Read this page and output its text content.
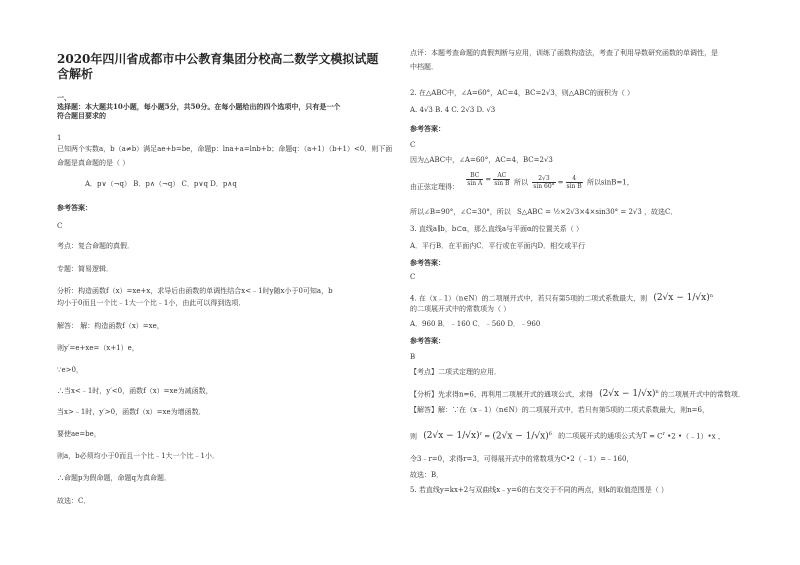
2020年四川省成都市中公教育集团分校高二数学文模拟试题
含解析
一、
选择题：本大题共10小题，每小题5分，共50分。在每小题给出的四个选项中，只有是一个
符合题目要求的
1
已知两个实数a，b（a≠b）满足ae+b=be，命题p：lna+a=lnb+b；命题q：（a+1）（b+1）<0．则下面
命题是真命题的是（ ）
A．p∨（¬q） B．p∧（¬q） C．p∨q D．p∧q
参考答案：
C
考点：复合命题的真假．
专题：简易逻辑．
分析：构造函数f（x）=xe+x，求导后由函数的单调性结合x<﹣1时y随x小于0可知a，b
均小于0而且一个比﹣1大一个比﹣1小，由此可以得到选项．
解答： 解：构造函数f（x）=xe，
则y′=e+xe=（x+1）e，
∵e>0，
∴当x<﹣1时，y′<0，函数f（x）=xe为减函数，
当x>﹣1时，y′>0，函数f（x）=xe为增函数．
要使ae=be，
则a，b必须均小于0而且一个比﹣1大一个比﹣1小．
∴命题p为假命题，命题q为真命题．
故选：C．
点评：本题考查命题的真假判断与应用，训练了函数构造法，考查了利用导数研究函数的单调性，是
中档题．
2. 在△ABC中，∠A=60°，AC=4，BC=2√3，则△ABC的面积为（ ）
A. 4√3 B. 4 C. 2√3 D. √3
参考答案：
C
因为△ABC中，∠A=60°，AC=4，BC=2√3

$\frac{BC}{\text{sin A}} = \frac{AC}{\text{sin B}}$
由正弦定理得：
所以 $\frac{2√3}{\sin 60^\circ} = \frac{4}{\text{sin B}}$ 所以sinB=1，
所以∠B=90°，∠C=30°，所以 S△ABC = ½×2√3×4×sin30° = 2√3 ，故选C．
3. 直线a∥b，b⊂α，那么直线a与平面α的位置关系（ ）
A．平行B．在平面内C．平行或在平面内D．相交或平行
参考答案：
C
4. 在（x﹣1）（n∈N）的二项展开式中，若只有第5项的二项式系数最大，则 $(2√x - 1/√x)^n$
的二项展开式中的常数项为（ ）
A．960 B．﹣160 C．﹣560 D．﹣960
参考答案：
B
【考点】二项式定理的应用．
【分析】先求得n=6，再利用二项展开式的通项公式，求得 $(2√x - 1/√x)^n$ 的二项展开式中的常数项．
【解答】解：∵在（x﹣1）（n∈N）的二项展开式中，若只有第5项的二项式系数最大，则n=6，
则 $(2√x - 1/√x)^r = (2√x - 1/√x)^6$ 的二项展开式的通项公式为$T = C^r$ •2 •（﹣1）•x ，
令3﹣r=0，求得r=3，可得展开式中的常数项为C•2（﹣1）=﹣160，
故选：B．
5. 若直线y=kx+2与双曲线x﹣y=6的右支交于不同的两点，则k的取值范围是（ ）
